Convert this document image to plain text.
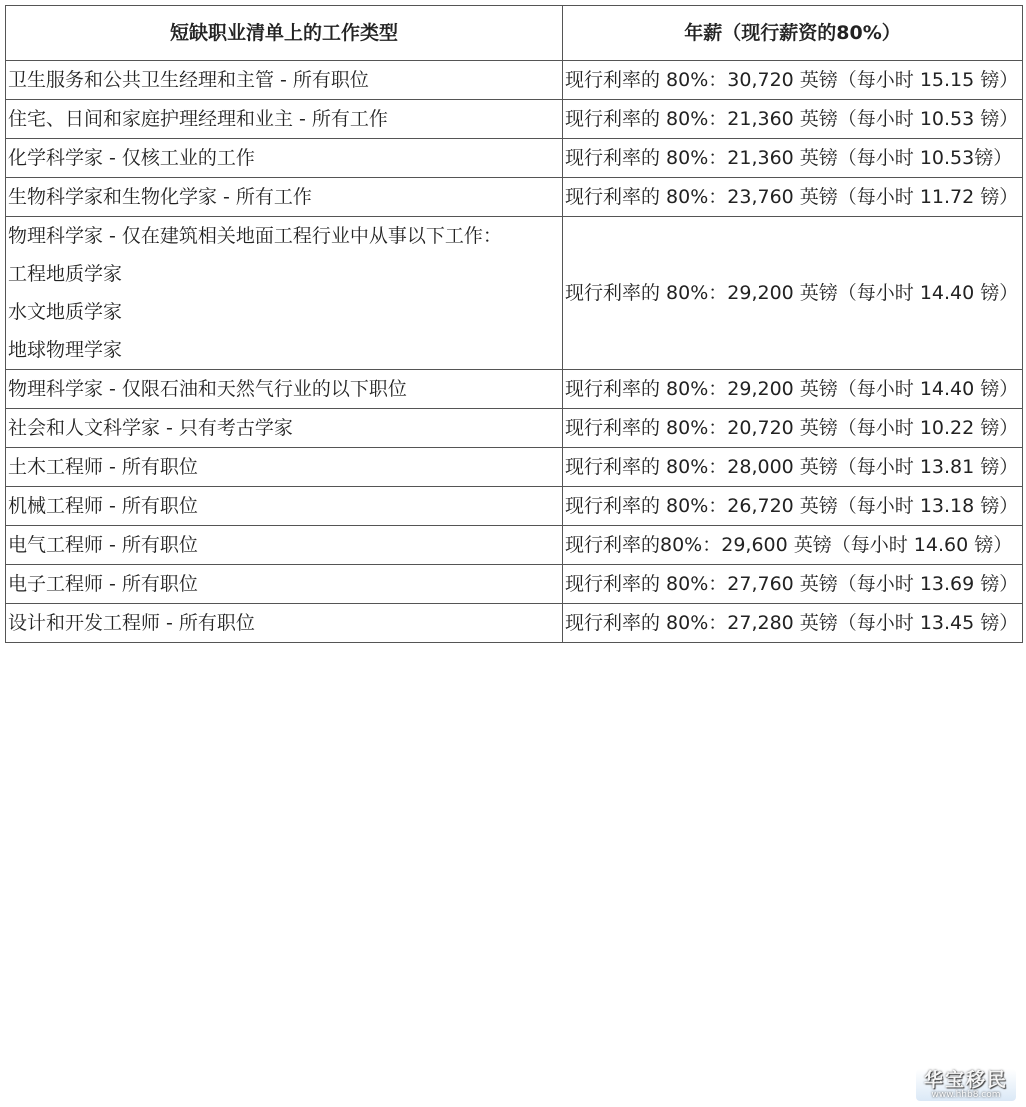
短缺职业清单上的工作类型	年薪（现行薪资的80%）

卫生服务和公共卫生经理和主管 - 所有职位	现行利率的 80%：30,720 英镑（每小时 15.15 镑）

住宅、日间和家庭护理经理和业主 - 所有工作	现行利率的 80%：21,360 英镑（每小时 10.53 镑）

化学科学家 - 仅核工业的工作	现行利率的 80%：21,360 英镑（每小时 10.53镑）

生物科学家和生物化学家 - 所有工作	现行利率的 80%：23,760 英镑（每小时 11.72 镑）

物理科学家 - 仅在建筑相关地面工程行业中从事以下工作：
工程地质学家
水文地质学家
地球物理学家	现行利率的 80%：29,200 英镑（每小时 14.40 镑）

物理科学家 - 仅限石油和天然气行业的以下职位	现行利率的 80%：29,200 英镑（每小时 14.40 镑）

社会和人文科学家 - 只有考古学家	现行利率的 80%：20,720 英镑（每小时 10.22 镑）

土木工程师 - 所有职位	现行利率的 80%：28,000 英镑（每小时 13.81 镑）

机械工程师 - 所有职位	现行利率的 80%：26,720 英镑（每小时 13.18 镑）

电气工程师 - 所有职位	现行利率的80%：29,600 英镑（每小时 14.60 镑）

电子工程师 - 所有职位	现行利率的 80%：27,760 英镑（每小时 13.69 镑）

设计和开发工程师 - 所有职位	现行利率的 80%：27,280 英镑（每小时 13.45 镑）
华宝移民
www.hhb8.com
